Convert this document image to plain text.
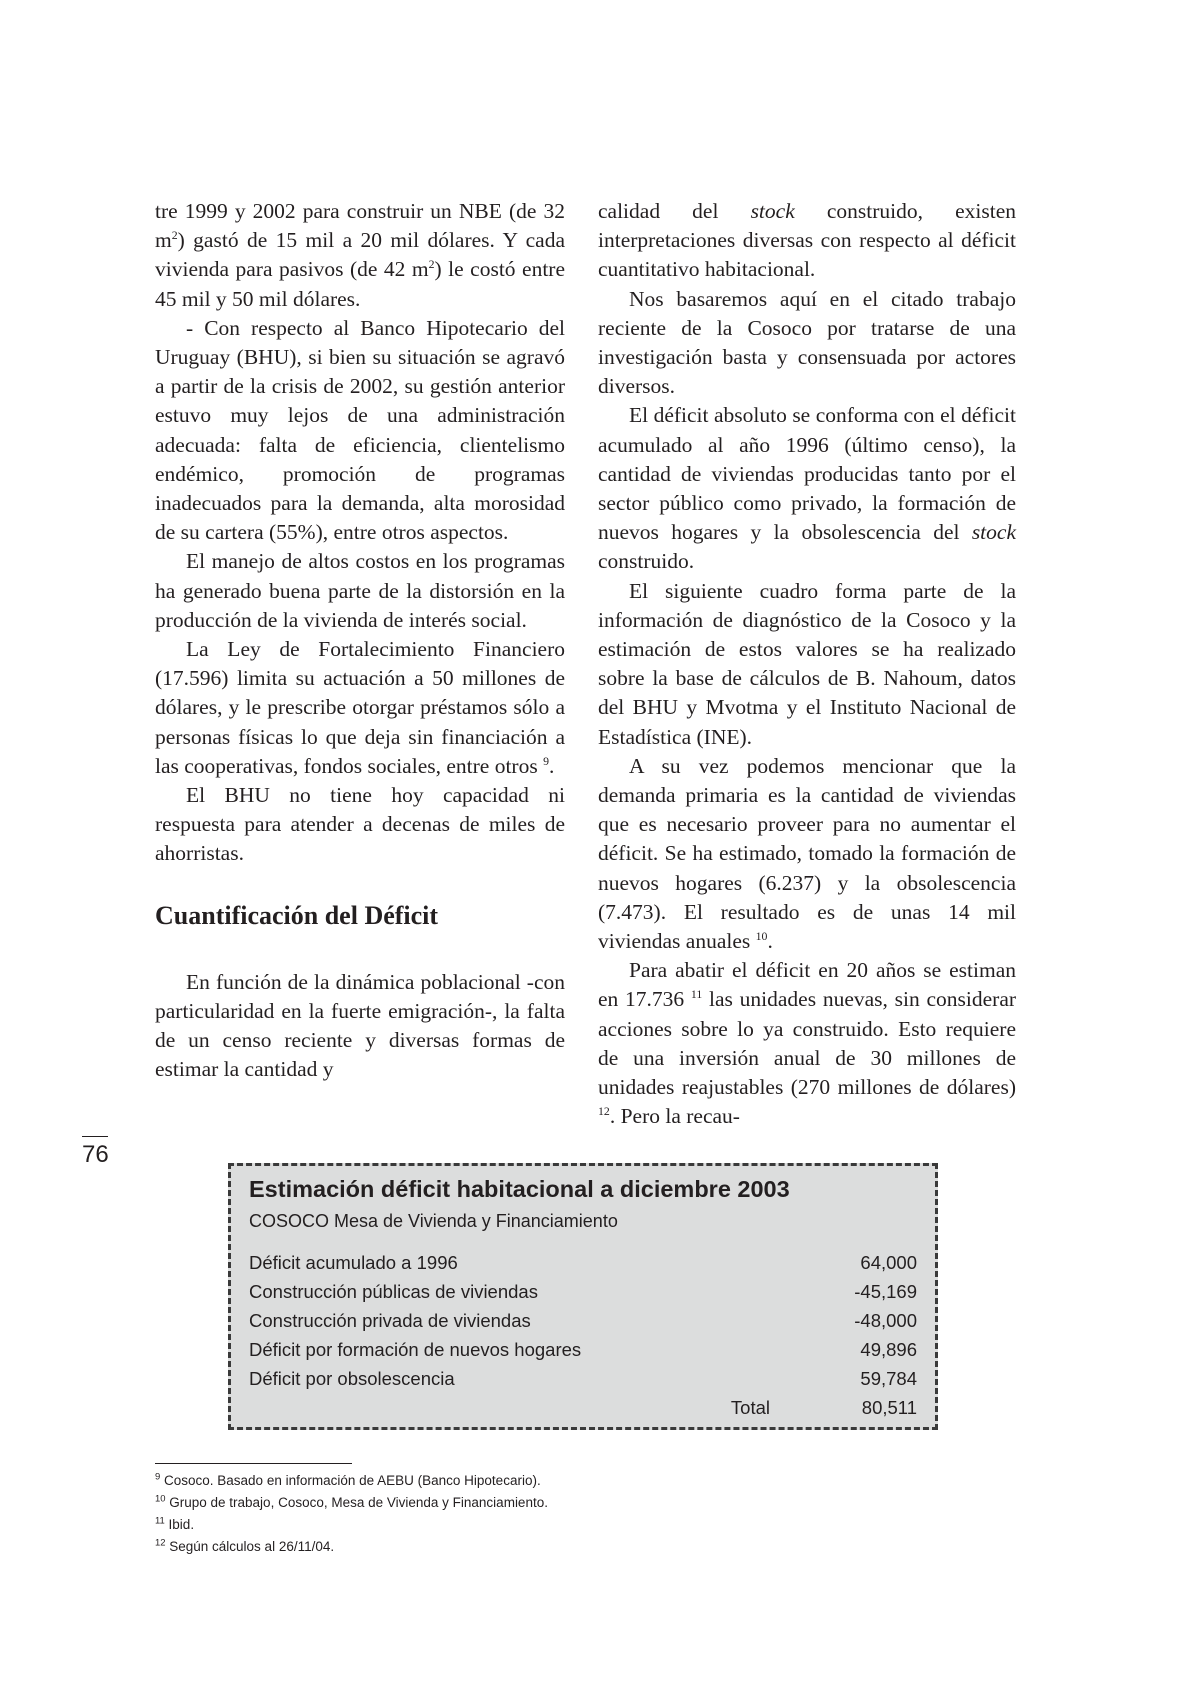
tre 1999 y 2002 para construir un NBE (de 32 $m^2$) gastó de 15 mil a 20 mil dólares. Y cada vivienda para pasivos (de 42 $m^2$) le costó entre 45 mil y 50 mil dólares.

- Con respecto al Banco Hipotecario del Uruguay (BHU), si bien su situación se agravó a partir de la crisis de 2002, su gestión anterior estuvo muy lejos de una administración adecuada: falta de eficiencia, clientelismo endémico, promoción de programas inadecuados para la demanda, alta morosidad de su cartera (55%), entre otros aspectos.

El manejo de altos costos en los programas ha generado buena parte de la distorsión en la producción de la vivienda de interés social.

La Ley de Fortalecimiento Financiero (17.596) limita su actuación a 50 millones de dólares, y le prescribe otorgar préstamos sólo a personas físicas lo que deja sin financiación a las cooperativas, fondos sociales, entre otros $^9$.

El BHU no tiene hoy capacidad ni respuesta para atender a decenas de miles de ahorristas.

Cuantificación del Déficit

En función de la dinámica poblacional -con particularidad en la fuerte emigración-, la falta de un censo reciente y diversas formas de estimar la cantidad y

calidad del stock construido, existen interpretaciones diversas con respecto al déficit cuantitativo habitacional.

Nos basaremos aquí en el citado trabajo reciente de la Cosoco por tratarse de una investigación basta y consensuada por actores diversos.

El déficit absoluto se conforma con el déficit acumulado al año 1996 (último censo), la cantidad de viviendas producidas tanto por el sector público como privado, la formación de nuevos hogares y la obsolescencia del stock construido.

El siguiente cuadro forma parte de la información de diagnóstico de la Cosoco y la estimación de estos valores se ha realizado sobre la base de cálculos de B. Nahoum, datos del BHU y Mvotma y el Instituto Nacional de Estadística (INE).

A su vez podemos mencionar que la demanda primaria es la cantidad de viviendas que es necesario proveer para no aumentar el déficit. Se ha estimado, tomado la formación de nuevos hogares (6.237) y la obsolescencia (7.473). El resultado es de unas 14 mil viviendas anuales $^{10}$.

Para abatir el déficit en 20 años se estiman en 17.736 $^{11}$ las unidades nuevas, sin considerar acciones sobre lo ya construido. Esto requiere de una inversión anual de 30 millones de unidades reajustables (270 millones de dólares) $^{12}$. Pero la recau-

76
Estimación déficit habitacional a diciembre 2003
COSOCO Mesa de Vivienda y Financiamiento
Déficit acumulado a 1996	64,000
Construcción públicas de viviendas	-45,169
Construcción privada de viviendas	-48,000
Déficit por formación de nuevos hogares	49,896
Déficit por obsolescencia	59,784
Total	80,511
$^9$ Cosoco. Basado en información de AEBU (Banco Hipotecario).
$^{10}$ Grupo de trabajo, Cosoco, Mesa de Vivienda y Financiamiento.
$^{11}$ Ibid.
$^{12}$ Según cálculos al 26/11/04.
